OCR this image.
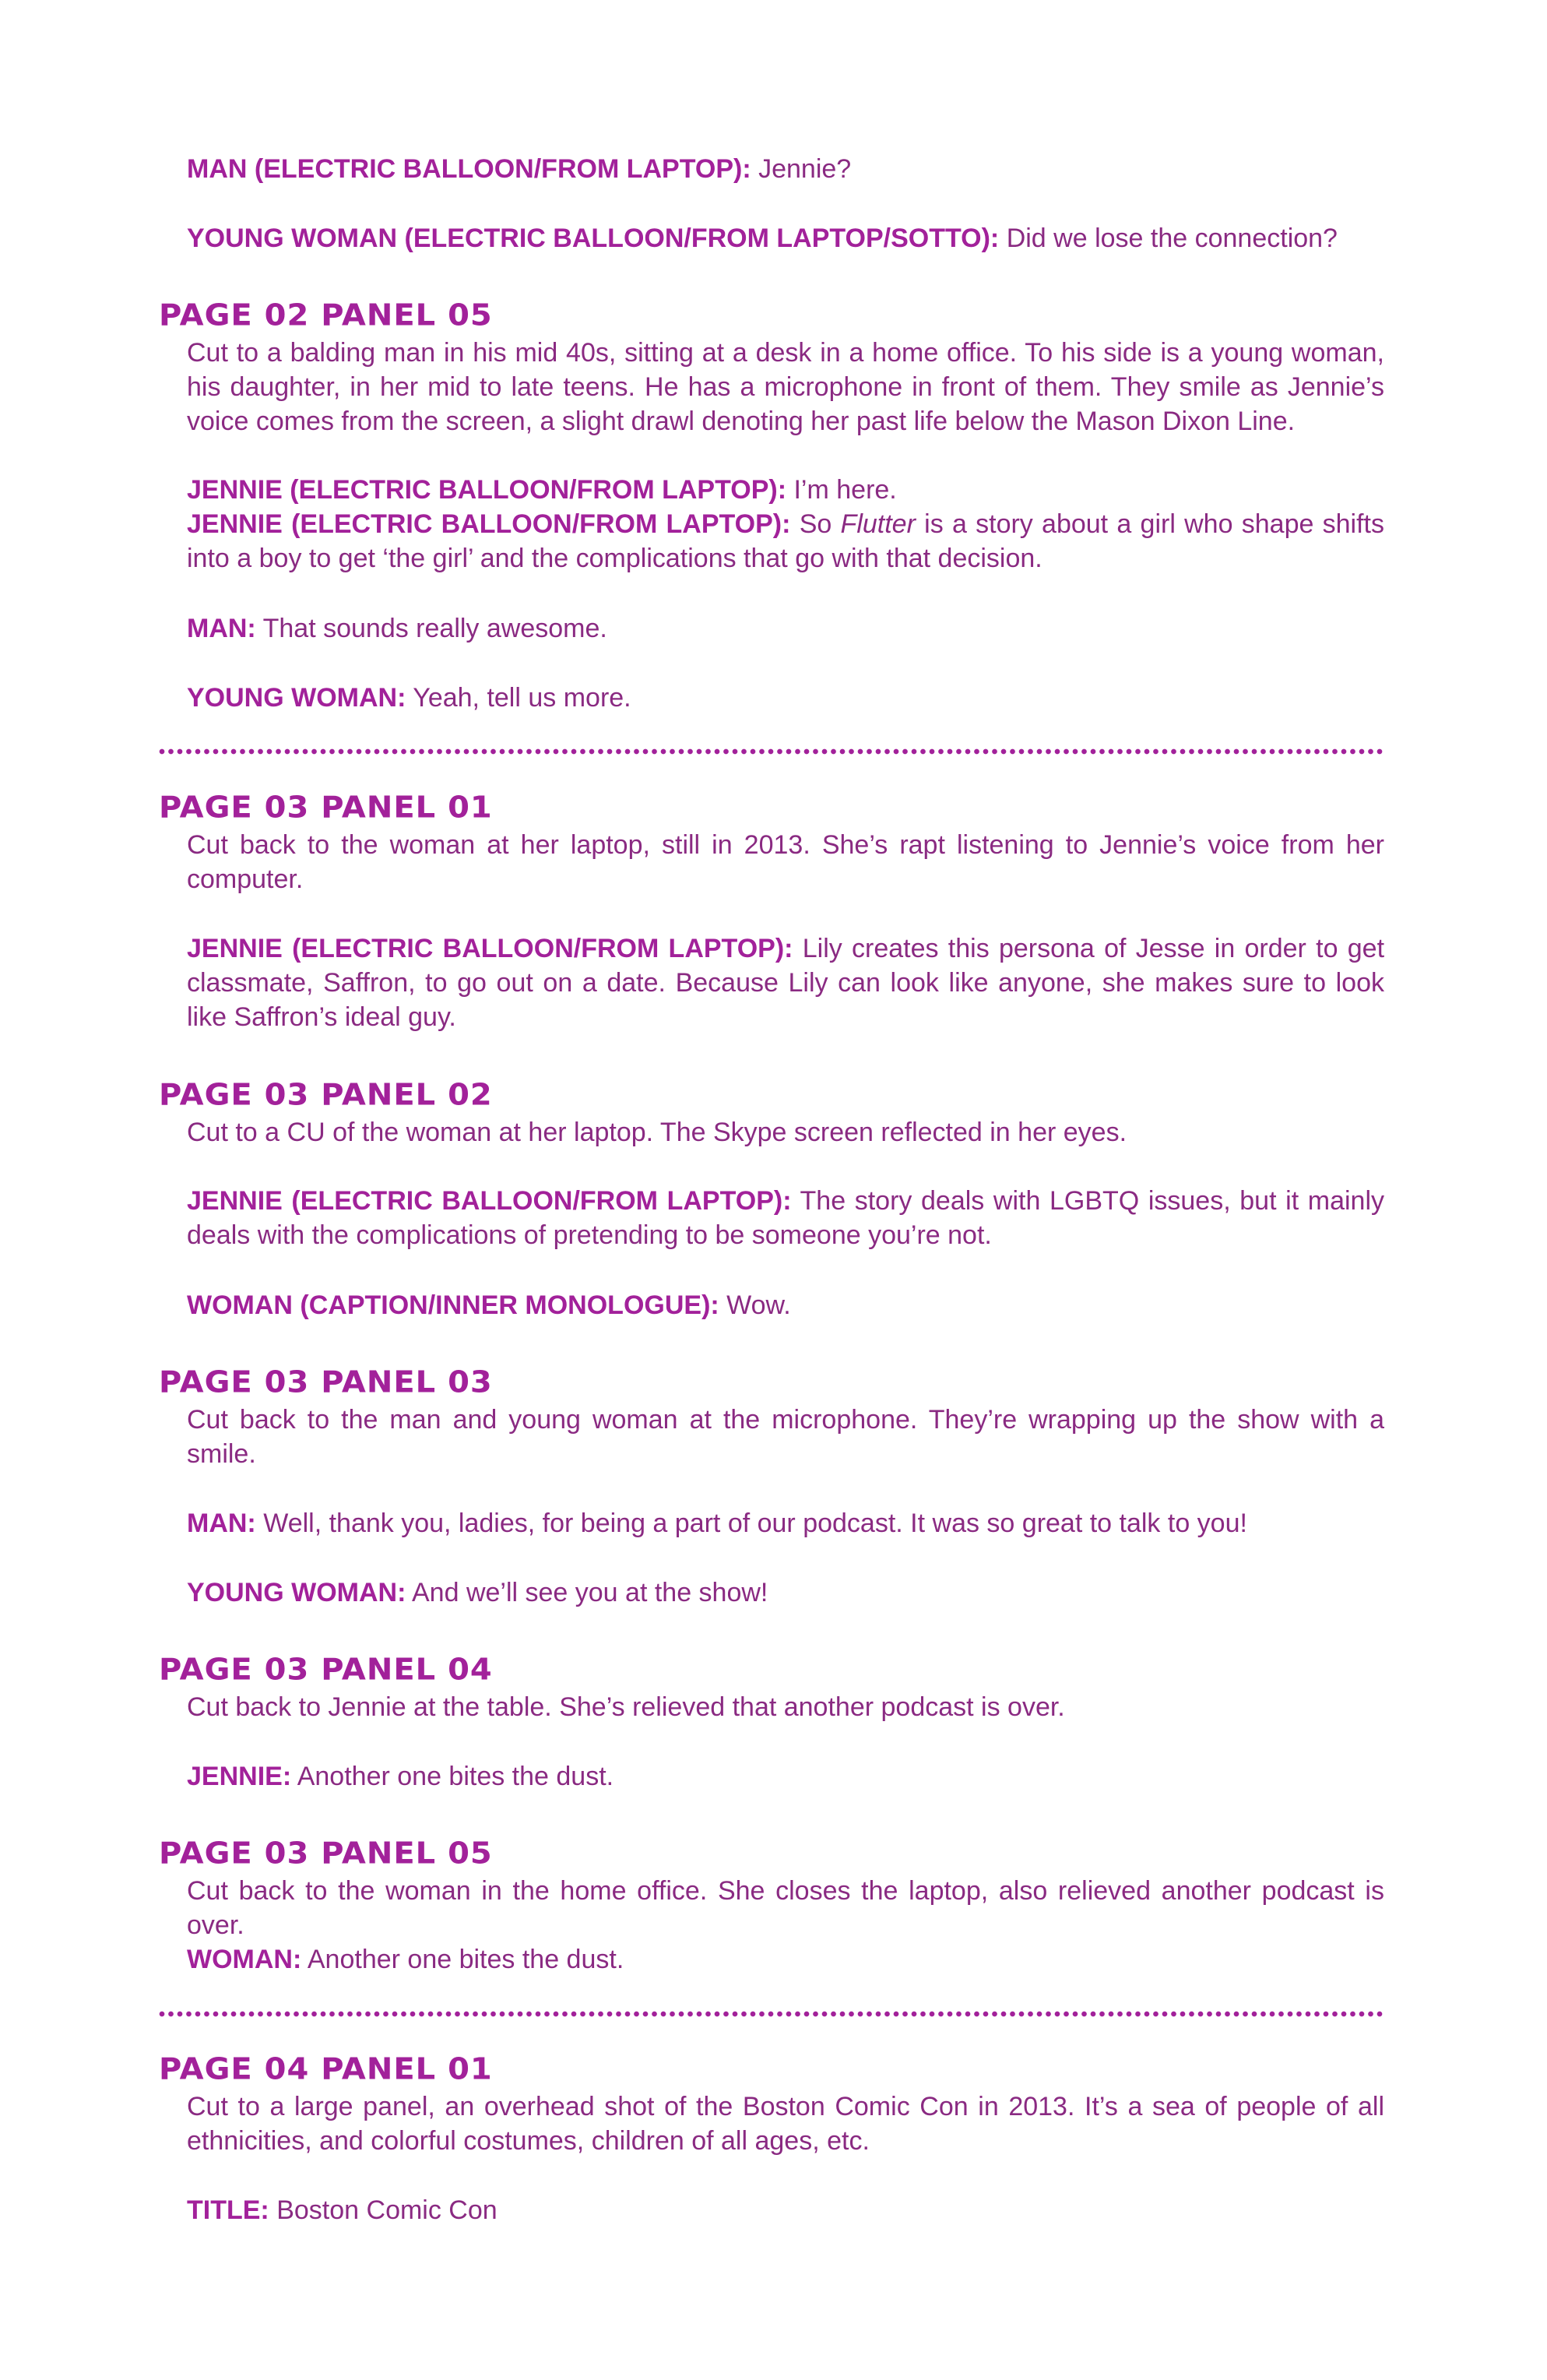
MAN (ELECTRIC BALLOON/FROM LAPTOP): Jennie?
YOUNG WOMAN (ELECTRIC BALLOON/FROM LAPTOP/SOTTO): Did we lose the connection?
PAGE 02 PANEL 05
Cut to a balding man in his mid 40s, sitting at a desk in a home office. To his side is a young woman, his daughter, in her mid to late teens. He has a microphone in front of them. They smile as Jennie’s voice comes from the screen, a slight drawl denoting her past life below the Mason Dixon Line.
JENNIE (ELECTRIC BALLOON/FROM LAPTOP): I’m here.
JENNIE (ELECTRIC BALLOON/FROM LAPTOP): So Flutter is a story about a girl who shape shifts into a boy to get ‘the girl’ and the complications that go with that decision.
MAN: That sounds really awesome.
YOUNG WOMAN: Yeah, tell us more.
PAGE 03 PANEL 01
Cut back to the woman at her laptop, still in 2013. She’s rapt listening to Jennie’s voice from her computer.
JENNIE (ELECTRIC BALLOON/FROM LAPTOP): Lily creates this persona of Jesse in order to get classmate, Saffron, to go out on a date. Because Lily can look like anyone, she makes sure to look like Saffron’s ideal guy.
PAGE 03 PANEL 02
Cut to a CU of the woman at her laptop. The Skype screen reflected in her eyes.
JENNIE (ELECTRIC BALLOON/FROM LAPTOP): The story deals with LGBTQ issues, but it mainly deals with the complications of pretending to be someone you’re not.
WOMAN (CAPTION/INNER MONOLOGUE): Wow.
PAGE 03 PANEL 03
Cut back to the man and young woman at the microphone. They’re wrapping up the show with a smile.
MAN: Well, thank you, ladies, for being a part of our podcast. It was so great to talk to you!
YOUNG WOMAN: And we’ll see you at the show!
PAGE 03 PANEL 04
Cut back to Jennie at the table. She’s relieved that another podcast is over.
JENNIE: Another one bites the dust.
PAGE 03 PANEL 05
Cut back to the woman in the home office. She closes the laptop, also relieved another podcast is over.
WOMAN: Another one bites the dust.
PAGE 04 PANEL 01
Cut to a large panel, an overhead shot of the Boston Comic Con in 2013. It’s a sea of people of all ethnicities, and colorful costumes, children of all ages, etc.
TITLE: Boston Comic Con
